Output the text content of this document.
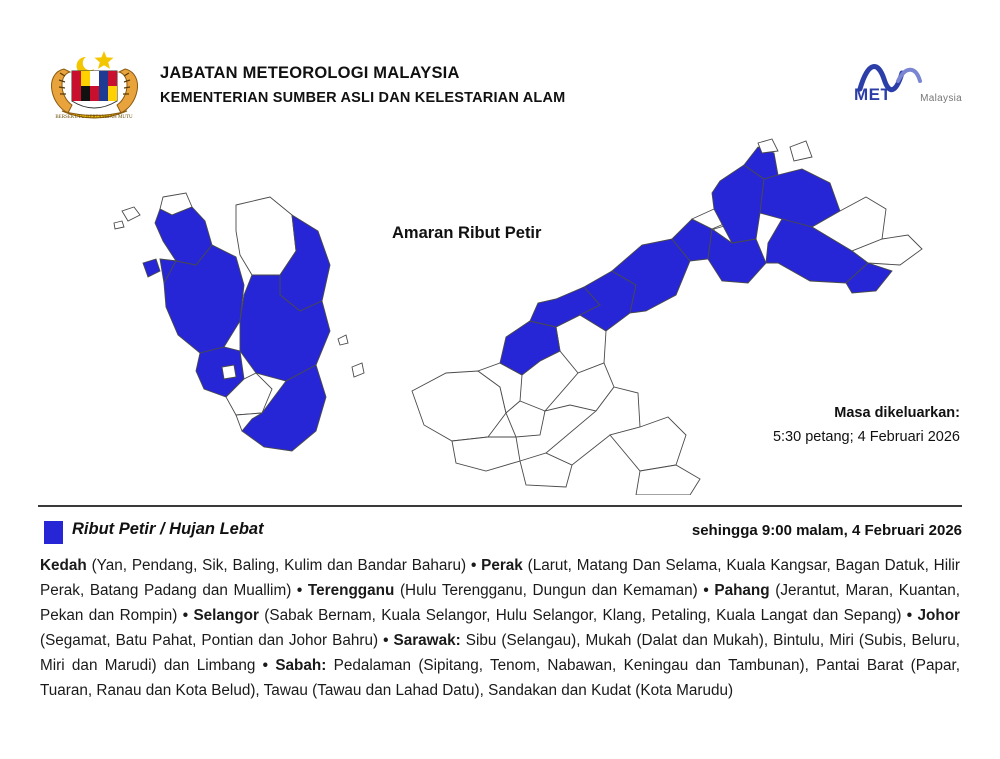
BERSEKUTU BERTAMBAH MUTU
JABATAN METEOROLOGI MALAYSIA
KEMENTERIAN SUMBER ASLI DAN KELESTARIAN ALAM	MET	Malaysia
Amaran Ribut Petir
Masa dikeluarkan:
5:30 petang; 4 Februari 2026
Ribut Petir / Hujan Lebat	sehingga 9:00 malam, 4 Februari 2026
Kedah (Yan, Pendang, Sik, Baling, Kulim dan Bandar Baharu) • Perak (Larut, Matang Dan Selama, Kuala Kangsar, Bagan Datuk, Hilir Perak, Batang Padang dan Muallim) • Terengganu (Hulu Terengganu, Dungun dan Kemaman) • Pahang (Jerantut, Maran, Kuantan, Pekan dan Rompin) • Selangor (Sabak Bernam, Kuala Selangor, Hulu Selangor, Klang, Petaling, Kuala Langat dan Sepang) • Johor (Segamat, Batu Pahat, Pontian dan Johor Bahru) • Sarawak: Sibu (Selangau), Mukah (Dalat dan Mukah), Bintulu, Miri (Subis, Beluru, Miri dan Marudi) dan Limbang • Sabah: Pedalaman (Sipitang, Tenom, Nabawan, Keningau dan Tambunan), Pantai Barat (Papar, Tuaran, Ranau dan Kota Belud), Tawau (Tawau dan Lahad Datu), Sandakan dan Kudat (Kota Marudu)
